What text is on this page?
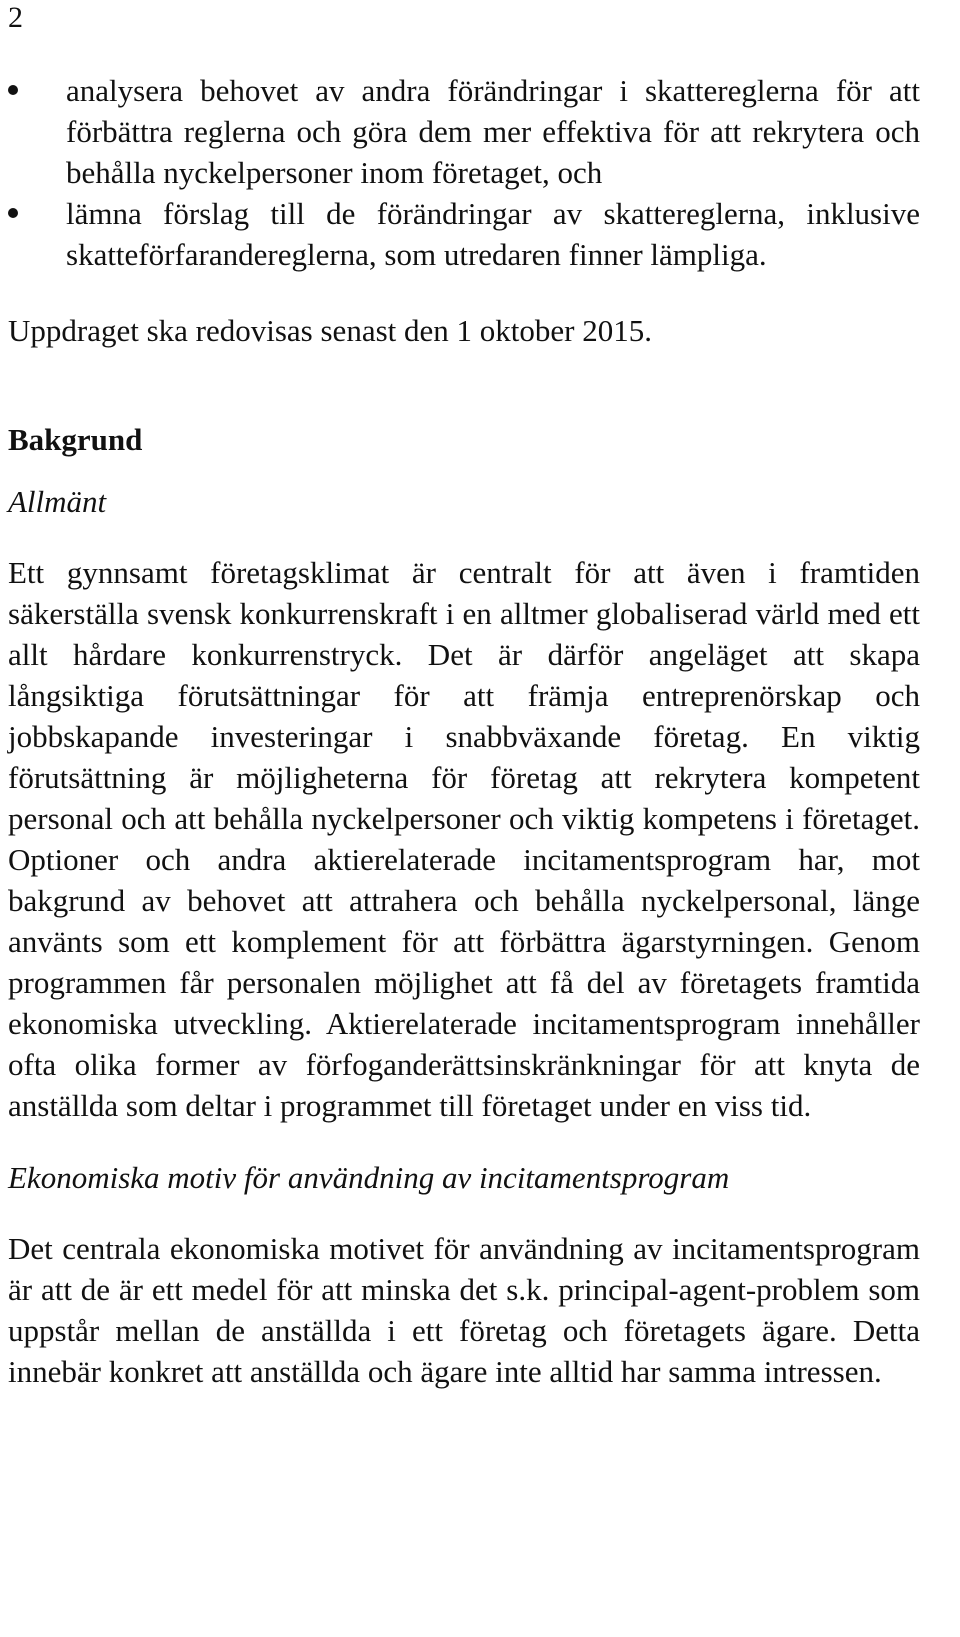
2
analysera behovet av andra förändringar i skattereglerna för att förbättra reglerna och göra dem mer effektiva för att rekrytera och behålla nyckelpersoner inom företaget, och
lämna förslag till de förändringar av skattereglerna, inklusive skatteförfarandereglerna, som utredaren finner lämpliga.
Uppdraget ska redovisas senast den 1 oktober 2015.
Bakgrund
Allmänt

Ett gynnsamt företagsklimat är centralt för att även i framtiden säkerställa svensk konkurrenskraft i en alltmer globaliserad värld med ett allt hårdare konkurrenstryck. Det är därför angeläget att skapa långsiktiga förutsättningar för att främja entreprenörskap och jobbskapande investeringar i snabbväxande företag. En viktig förutsättning är möjligheterna för företag att rekrytera kompetent personal och att behålla nyckelpersoner och viktig kompetens i företaget. Optioner och andra aktierelaterade incitamentsprogram har, mot bakgrund av behovet att attrahera och behålla nyckelpersonal, länge använts som ett komplement för att förbättra ägarstyrningen. Genom programmen får personalen möjlighet att få del av företagets framtida ekonomiska utveckling. Aktierelaterade incitamentsprogram innehåller ofta olika former av förfoganderättsinskränkningar för att knyta de anställda som deltar i programmet till företaget under en viss tid.

Ekonomiska motiv för användning av incitamentsprogram

Det centrala ekonomiska motivet för användning av incitamentsprogram är att de är ett medel för att minska det s.k. principal-agent-problem som uppstår mellan de anställda i ett företag och företagets ägare. Detta innebär konkret att anställda och ägare inte alltid har samma intressen.
